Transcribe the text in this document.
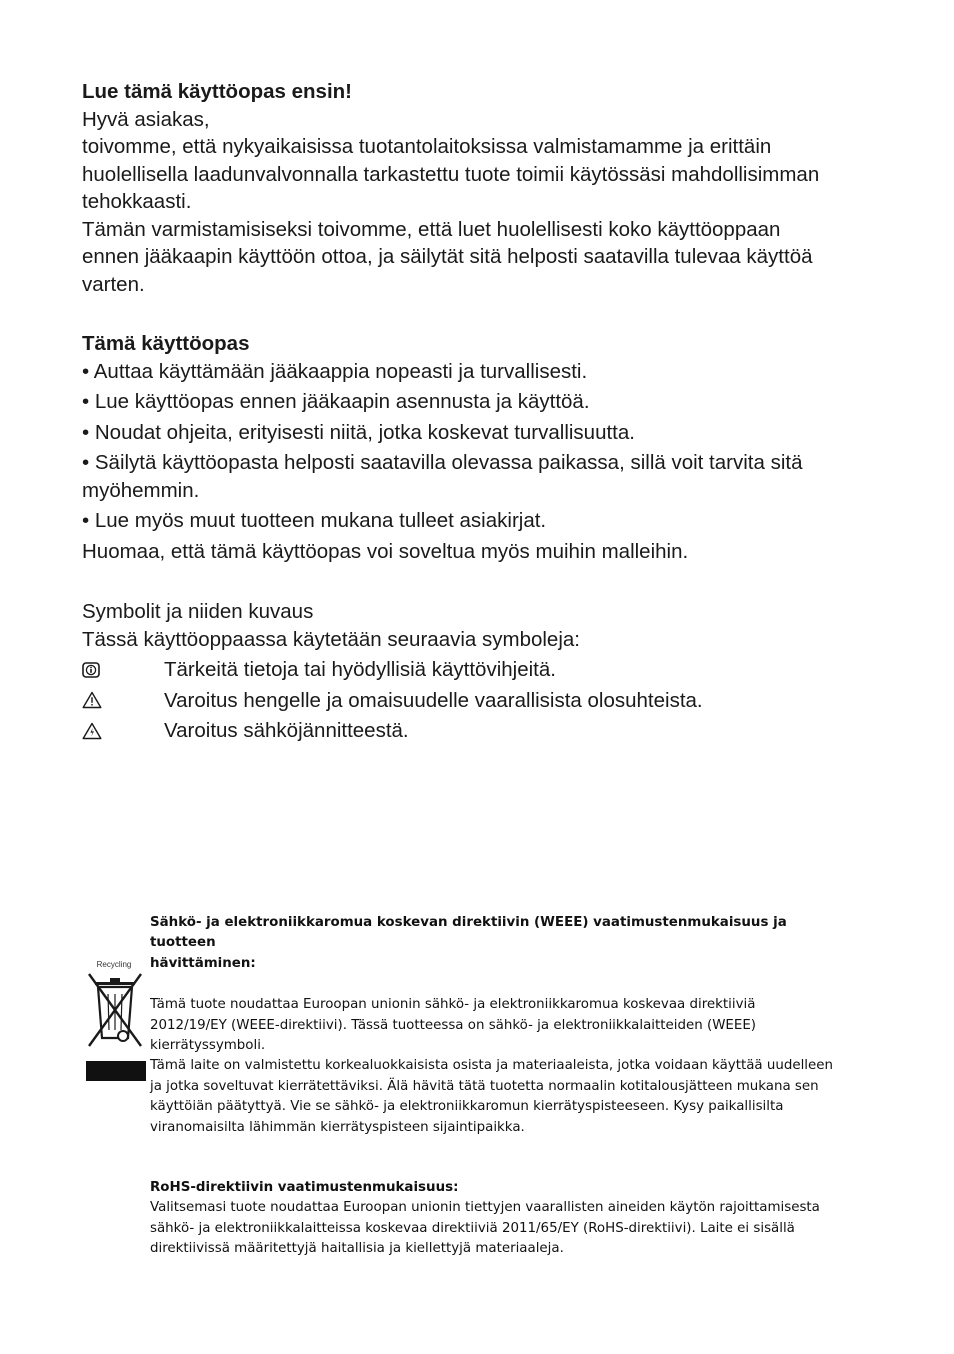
Lue tämä käyttöopas ensin!

Hyvä asiakas,

toivomme, että nykyaikaisissa tuotantolaitoksissa valmistamamme ja erittäin

huolellisella laadunvalvonnalla tarkastettu tuote toimii käytössäsi mahdollisimman

tehokkaasti.

Tämän varmistamisiseksi toivomme, että luet huolellisesti koko käyttöoppaan

ennen jääkaapin käyttöön ottoa, ja säilytät sitä helposti saatavilla tulevaa käyttöä

varten.

Tämä käyttöopas

• Auttaa käyttämään jääkaappia nopeasti ja turvallisesti.

• Lue käyttöopas ennen jääkaapin asennusta ja käyttöä.

• Noudat ohjeita, erityisesti niitä, jotka koskevat turvallisuutta.

• Säilytä käyttöopasta helposti saatavilla olevassa paikassa, sillä voit tarvita sitä

myöhemmin.

• Lue myös muut tuotteen mukana tulleet asiakirjat.

Huomaa, että tämä käyttöopas voi soveltua myös muihin malleihin.

Symbolit ja niiden kuvaus

Tässä käyttöoppaassa käytetään seuraavia symboleja:

Tärkeitä tietoja tai hyödyllisiä käyttövihjeitä.
Varoitus hengelle ja omaisuudelle vaarallisista olosuhteista.
Varoitus sähköjännitteestä.
Recycling

Sähkö- ja elektroniikkaromua koskevan direktiivin (WEEE) vaatimustenmukaisuus ja tuotteen

hävittäminen:

Tämä tuote noudattaa Euroopan unionin sähkö- ja elektroniikkaromua koskevaa direktiiviä

2012/19/EY (WEEE-direktiivi). Tässä tuotteessa on sähkö- ja elektroniikkalaitteiden (WEEE)

kierrätyssymboli.

Tämä laite on valmistettu korkealuokkaisista osista ja materiaaleista, jotka voidaan käyttää uudelleen

ja jotka soveltuvat kierrätettäviksi. Älä hävitä tätä tuotetta normaalin kotitalousjätteen mukana sen

käyttöiän päätyttyä. Vie se sähkö- ja elektroniikkaromun kierrätyspisteeseen. Kysy paikallisilta

viranomaisilta lähimmän kierrätyspisteen sijaintipaikka.

RoHS-direktiivin vaatimustenmukaisuus:

Valitsemasi tuote noudattaa Euroopan unionin tiettyjen vaarallisten aineiden käytön rajoittamisesta

sähkö- ja elektroniikkalaitteissa koskevaa direktiiviä 2011/65/EY (RoHS-direktiivi). Laite ei sisällä

direktiivissä määritettyjä haitallisia ja kiellettyjä materiaaleja.
